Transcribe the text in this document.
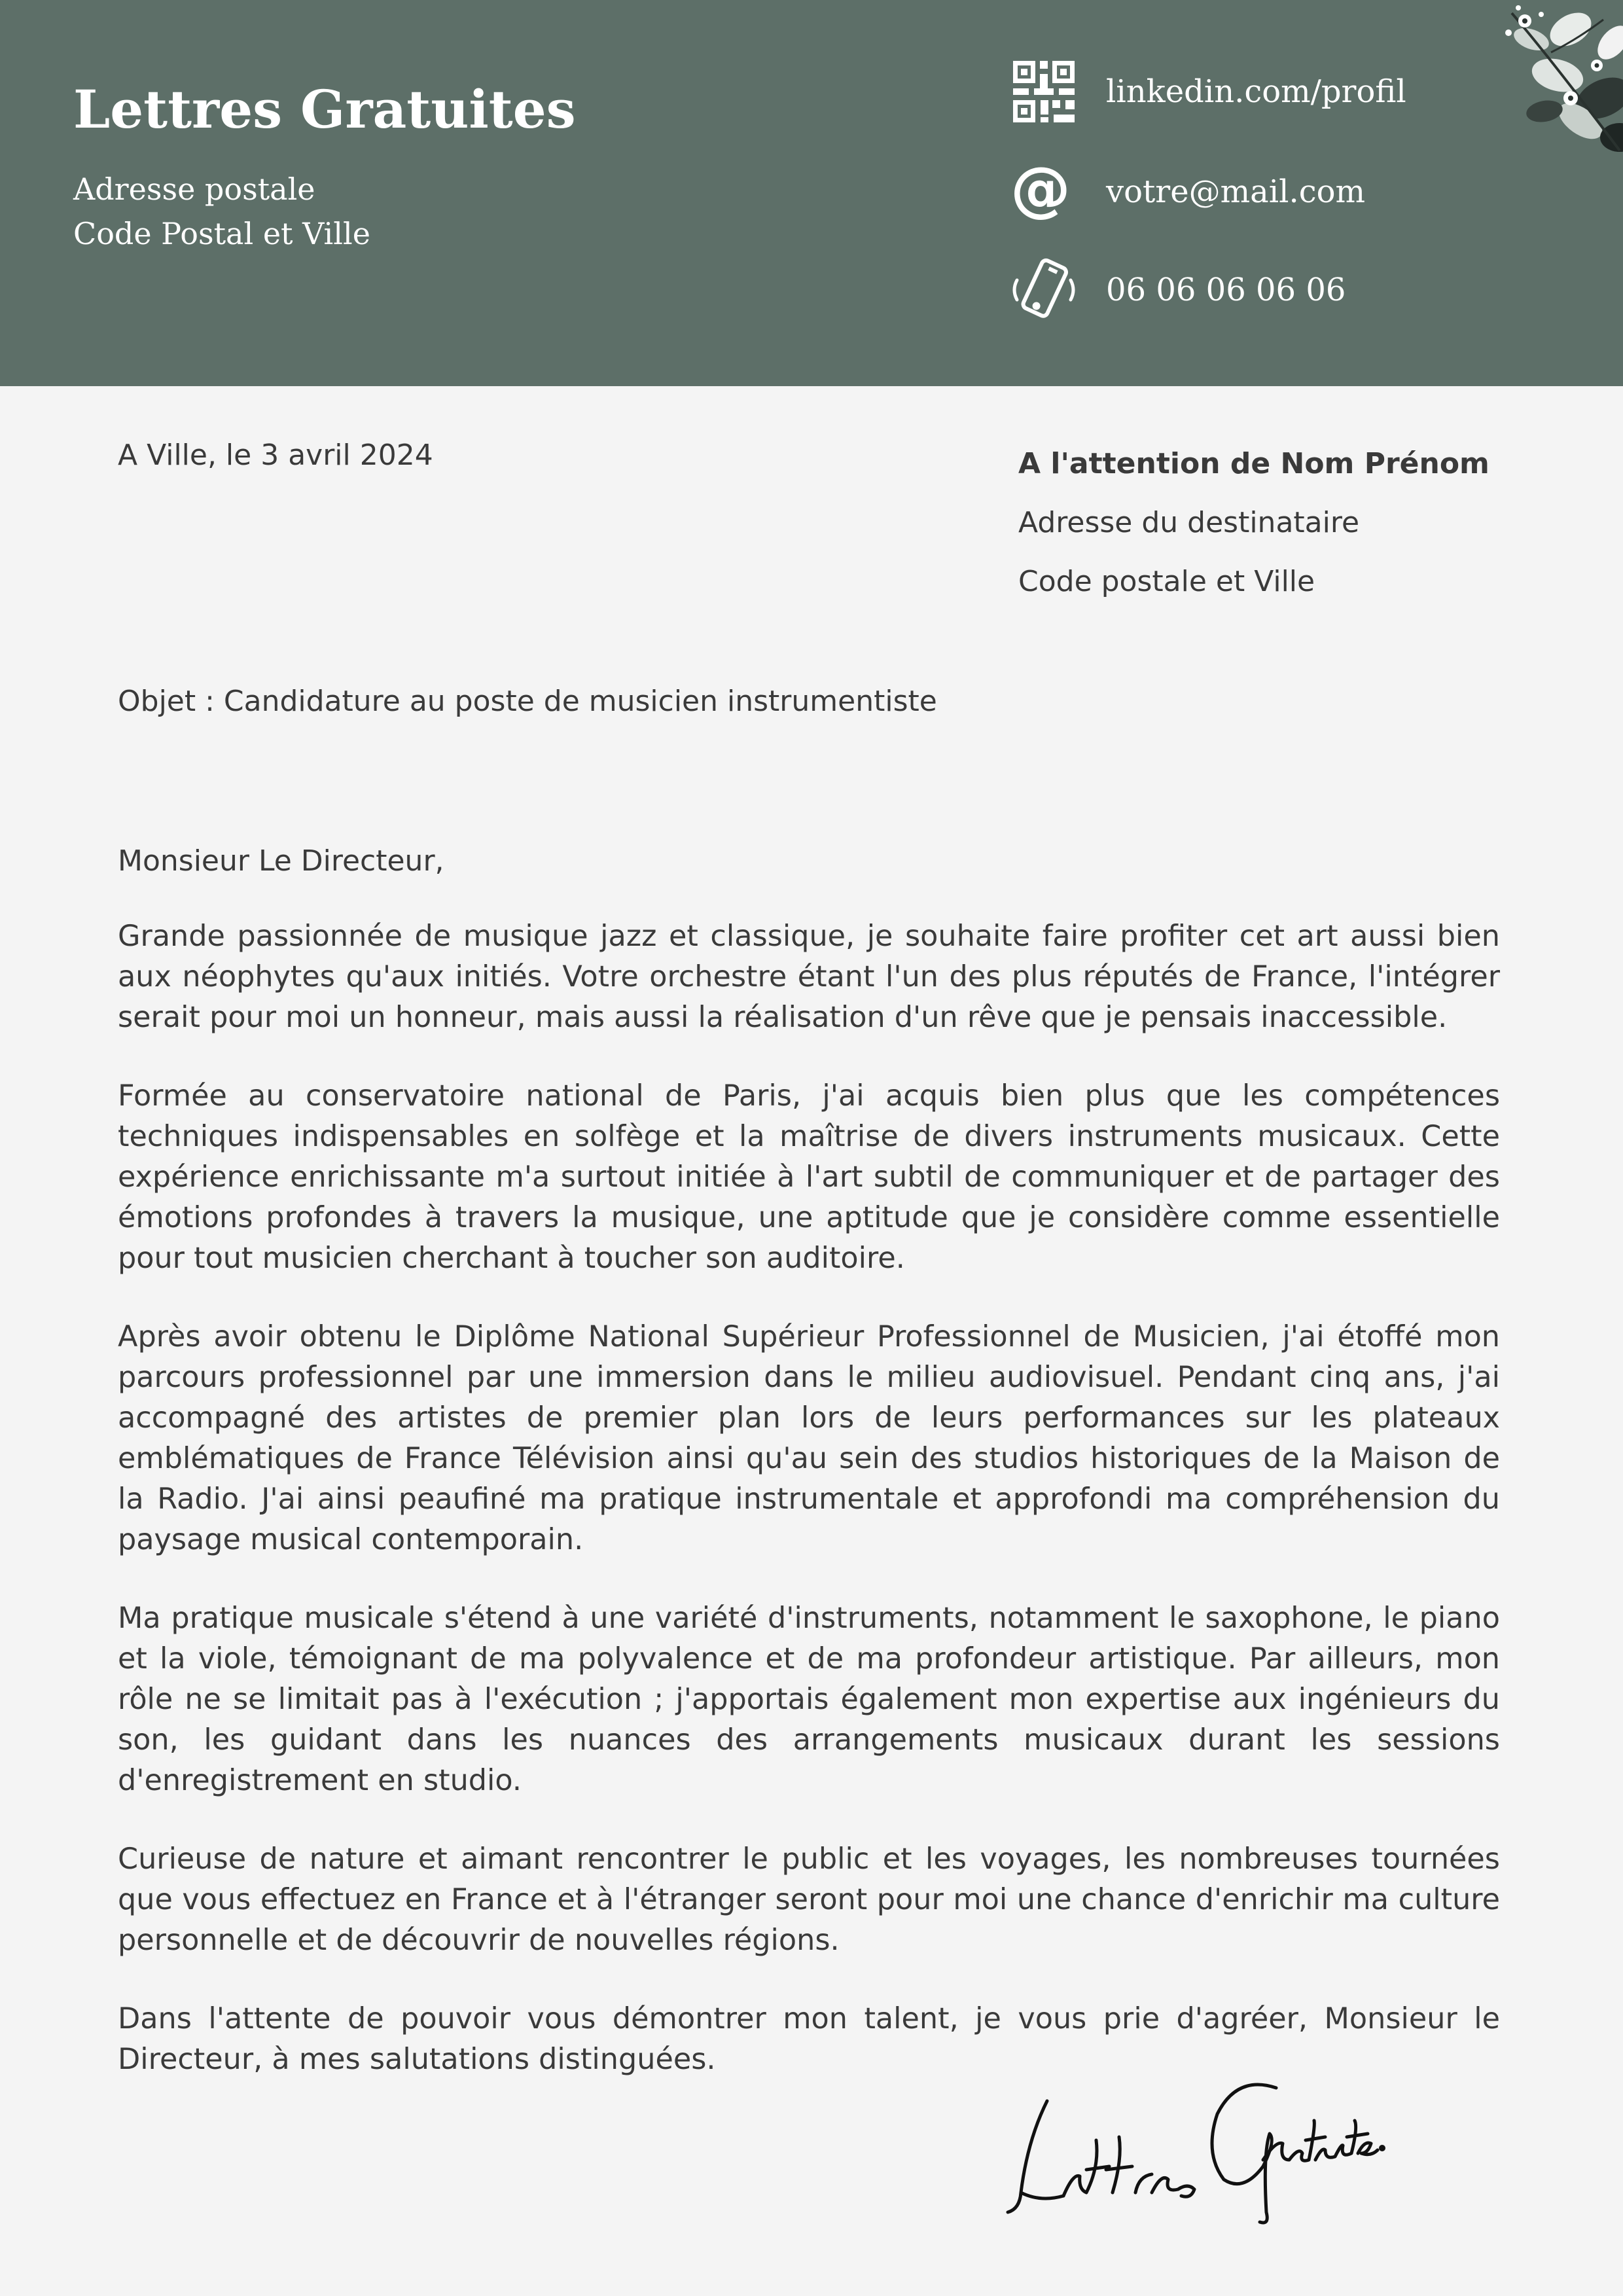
Lettres Gratuites
Adresse postale
Code Postal et Ville
linkedin.com/profil
@ votre@mail.com
06 06 06 06 06
A Ville, le 3 avril 2024	A l'attention de Nom Prénom
Adresse du destinataire
Code postale et Ville
Objet : Candidature au poste de musicien instrumentiste
Monsieur Le Directeur,

Grande passionnée de musique jazz et classique, je souhaite faire profiter cet art aussi bien aux néophytes qu'aux initiés. Votre orchestre étant l'un des plus réputés de France, l'intégrer serait pour moi un honneur, mais aussi la réalisation d'un rêve que je pensais inaccessible.

Formée au conservatoire national de Paris, j'ai acquis bien plus que les compétences techniques indispensables en solfège et la maîtrise de divers instruments musicaux. Cette expérience enrichissante m'a surtout initiée à l'art subtil de communiquer et de partager des émotions profondes à travers la musique, une aptitude que je considère comme essentielle pour tout musicien cherchant à toucher son auditoire.

Après avoir obtenu le Diplôme National Supérieur Professionnel de Musicien, j'ai étoffé mon parcours professionnel par une immersion dans le milieu audiovisuel. Pendant cinq ans, j'ai accompagné des artistes de premier plan lors de leurs performances sur les plateaux emblématiques de France Télévision ainsi qu'au sein des studios historiques de la Maison de la Radio. J'ai ainsi peaufiné ma pratique instrumentale et approfondi ma compréhension du paysage musical contemporain.

Ma pratique musicale s'étend à une variété d'instruments, notamment le saxophone, le piano et la viole, témoignant de ma polyvalence et de ma profondeur artistique. Par ailleurs, mon rôle ne se limitait pas à l'exécution ; j'apportais également mon expertise aux ingénieurs du son, les guidant dans les nuances des arrangements musicaux durant les sessions d'enregistrement en studio.

Curieuse de nature et aimant rencontrer le public et les voyages, les nombreuses tournées que vous effectuez en France et à l'étranger seront pour moi une chance d'enrichir ma culture personnelle et de découvrir de nouvelles régions.

Dans l'attente de pouvoir vous démontrer mon talent, je vous prie d'agréer, Monsieur le Directeur, à mes salutations distinguées.
